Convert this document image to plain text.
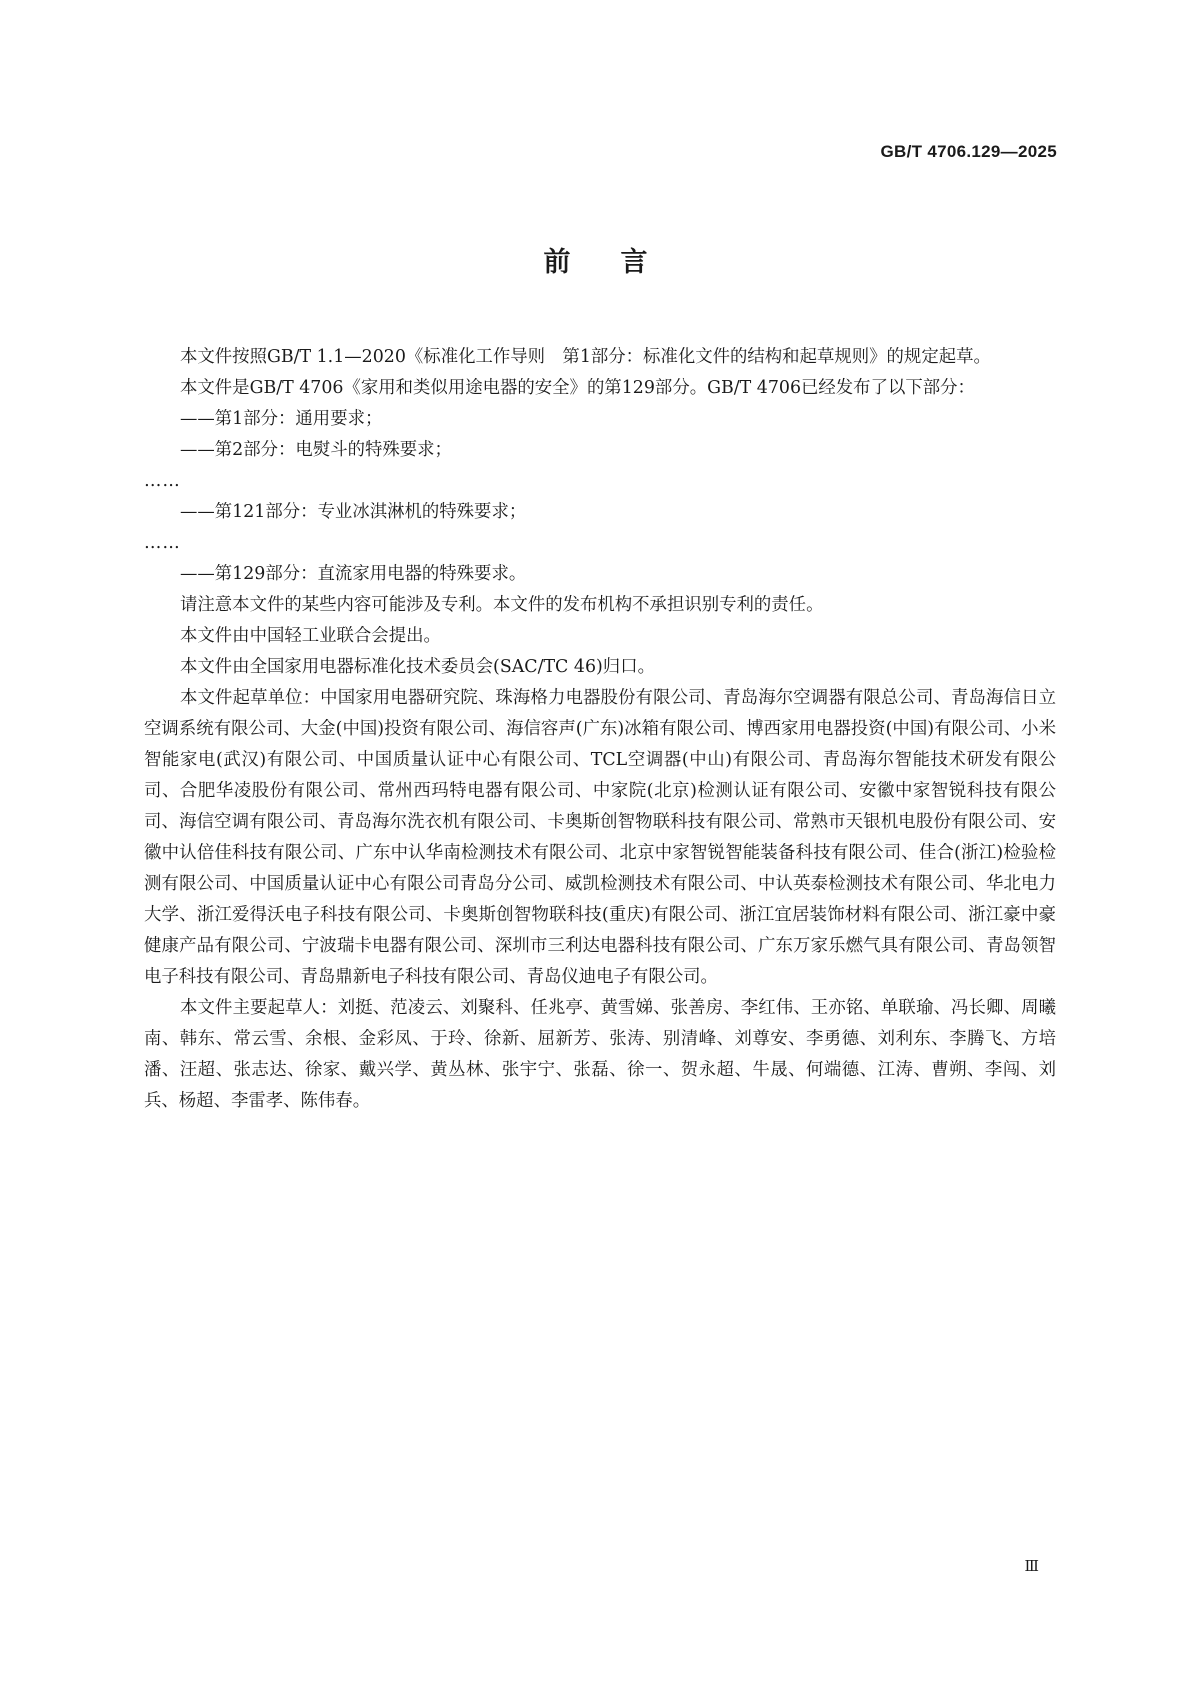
GB/T 4706.129—2025
前言

本文件按照GB/T 1.1—2020《标准化工作导则　第1部分：标准化文件的结构和起草规则》的规定起草。

本文件是GB/T 4706《家用和类似用途电器的安全》的第129部分。GB/T 4706已经发布了以下部分：

——第1部分：通用要求；

——第2部分：电熨斗的特殊要求；

……

——第121部分：专业冰淇淋机的特殊要求；

……

——第129部分：直流家用电器的特殊要求。

请注意本文件的某些内容可能涉及专利。本文件的发布机构不承担识别专利的责任。

本文件由中国轻工业联合会提出。

本文件由全国家用电器标准化技术委员会(SAC/TC 46)归口。

本文件起草单位：中国家用电器研究院、珠海格力电器股份有限公司、青岛海尔空调器有限总公司、青岛海信日立空调系统有限公司、大金(中国)投资有限公司、海信容声(广东)冰箱有限公司、博西家用电器投资(中国)有限公司、小米智能家电(武汉)有限公司、中国质量认证中心有限公司、TCL空调器(中山)有限公司、青岛海尔智能技术研发有限公司、合肥华凌股份有限公司、常州西玛特电器有限公司、中家院(北京)检测认证有限公司、安徽中家智锐科技有限公司、海信空调有限公司、青岛海尔洗衣机有限公司、卡奥斯创智物联科技有限公司、常熟市天银机电股份有限公司、安徽中认倍佳科技有限公司、广东中认华南检测技术有限公司、北京中家智锐智能装备科技有限公司、佳合(浙江)检验检测有限公司、中国质量认证中心有限公司青岛分公司、威凯检测技术有限公司、中认英泰检测技术有限公司、华北电力大学、浙江爱得沃电子科技有限公司、卡奥斯创智物联科技(重庆)有限公司、浙江宜居装饰材料有限公司、浙江豪中豪健康产品有限公司、宁波瑞卡电器有限公司、深圳市三利达电器科技有限公司、广东万家乐燃气具有限公司、青岛领智电子科技有限公司、青岛鼎新电子科技有限公司、青岛仪迪电子有限公司。

本文件主要起草人：刘挺、范凌云、刘聚科、任兆亭、黄雪娣、张善房、李红伟、王亦铭、单联瑜、冯长卿、周曦南、韩东、常云雪、余根、金彩凤、于玲、徐新、屈新芳、张涛、别清峰、刘尊安、李勇德、刘利东、李腾飞、方培潘、汪超、张志达、徐家、戴兴学、黄丛林、张宇宁、张磊、徐一、贺永超、牛晟、何端德、江涛、曹朔、李闯、刘兵、杨超、李雷孝、陈伟春。

Ⅲ
